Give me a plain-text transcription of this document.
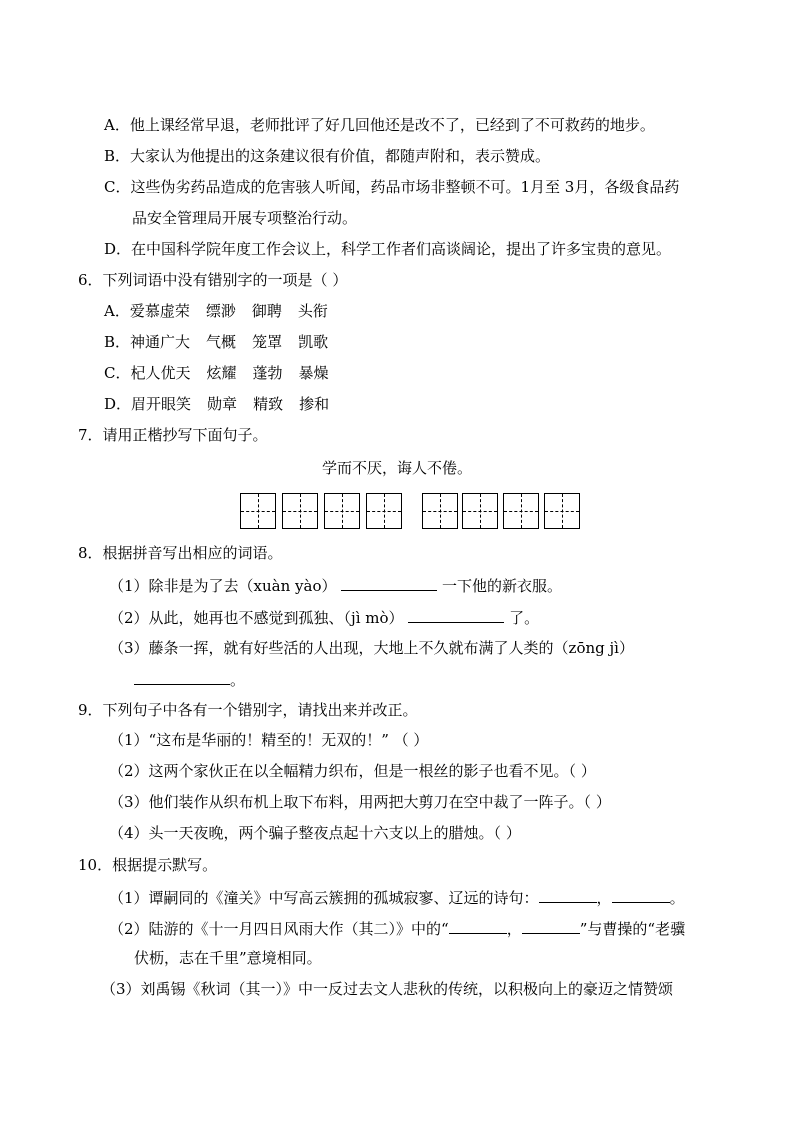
A．他上课经常早退，老师批评了好几回他还是改不了，已经到了不可救药的地步。
B．大家认为他提出的这条建议很有价值，都随声附和，表示赞成。
C．这些伪劣药品造成的危害骇人听闻，药品市场非整顿不可。1月至 3月，各级食品药
品安全管理局开展专项整治行动。
D．在中国科学院年度工作会议上，科学工作者们高谈阔论，提出了许多宝贵的意见。
6．下列词语中没有错别字的一项是（ ）
A．爱慕虚荣 缥渺 御聘 头衔
B．神通广大 气概 笼罩 凯歌
C．杞人优天 炫耀 蓬勃 暴燥
D．眉开眼笑 勋章 精致 掺和
7．请用正楷抄写下面句子。
学而不厌，诲人不倦。
8．根据拼音写出相应的词语。
（1）除非是为了去（xuàn yào）	一下他的新衣服。
（2）从此，她再也不感觉到孤独、（jì mò）	了。
（3）藤条一挥，就有好些活的人出现，大地上不久就布满了人类的（zōng jì）
。
9．下列句子中各有一个错别字，请找出来并改正。
（1）“这布是华丽的！精至的！无双的！” （ ）
（2）这两个家伙正在以全幅精力织布，但是一根丝的影子也看不见。（ ）
（3）他们装作从织布机上取下布料，用两把大剪刀在空中裁了一阵子。（ ）
（4）头一天夜晚，两个骗子整夜点起十六支以上的腊烛。（ ）
10．根据提示默写。
（1）谭嗣同的《潼关》中写高云簇拥的孤城寂寥、辽远的诗句：	，	。
（2）陆游的《十一月四日风雨大作（其二）》中的“	，	”与曹操的“老骥
伏枥，志在千里”意境相同。
（3）刘禹锡《秋词（其一）》中一反过去文人悲秋的传统，以积极向上的豪迈之情赞颂
